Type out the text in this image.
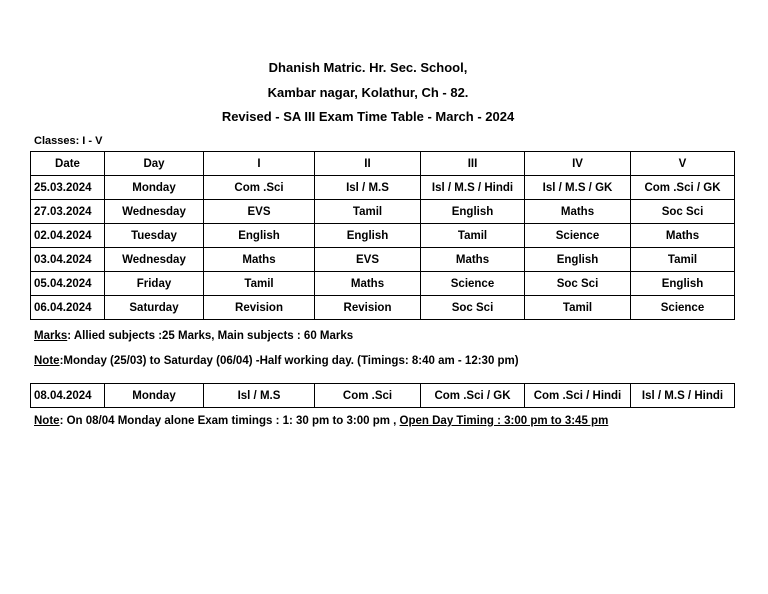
Dhanish Matric. Hr. Sec. School,
Kambar nagar, Kolathur, Ch - 82.
Revised - SA III Exam Time Table - March - 2024
Classes: I - V
Date	Day	I	II	III	IV	V
25.03.2024	Monday	Com .Sci	Isl / M.S	Isl / M.S / Hindi	Isl / M.S / GK	Com .Sci / GK
27.03.2024	Wednesday	EVS	Tamil	English	Maths	Soc Sci
02.04.2024	Tuesday	English	English	Tamil	Science	Maths
03.04.2024	Wednesday	Maths	EVS	Maths	English	Tamil
05.04.2024	Friday	Tamil	Maths	Science	Soc Sci	English
06.04.2024	Saturday	Revision	Revision	Soc Sci	Tamil	Science
Marks: Allied subjects :25 Marks, Main subjects : 60 Marks
Note:Monday (25/03) to Saturday (06/04) -Half working day. (Timings: 8:40 am - 12:30 pm)
08.04.2024	Monday	Isl / M.S	Com .Sci	Com .Sci / GK	Com .Sci / Hindi	Isl / M.S / Hindi
Note: On 08/04 Monday alone Exam timings : 1: 30 pm to 3:00 pm , Open Day Timing : 3:00 pm to 3:45 pm
